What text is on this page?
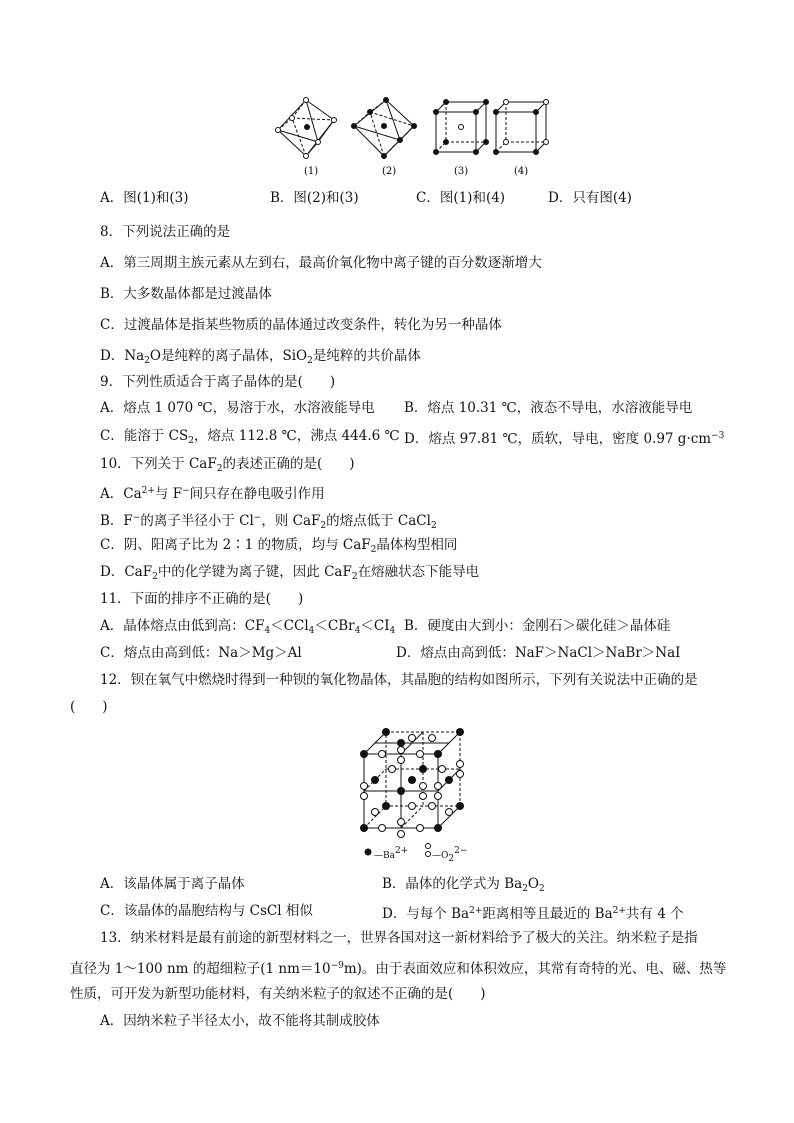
(1)	(2)	(3)	(4)
A．图(1)和(3)	B．图(2)和(3)	C．图(1)和(4)	D．只有图(4)
8．下列说法正确的是
A．第三周期主族元素从左到右，最高价氧化物中离子键的百分数逐渐增大
B．大多数晶体都是过渡晶体
C．过渡晶体是指某些物质的晶体通过改变条件，转化为另一种晶体
D．$Na_2O$是纯粹的离子晶体，SiO$_2$是纯粹的共价晶体
9．下列性质适合于离子晶体的是(　　)
A．熔点 1 070 ℃，易溶于水，水溶液能导电 B．熔点 10.31 ℃，液态不导电，水溶液能导电
C．能溶于 $CS_2$，熔点 112.8 ℃，沸点 444.6 ℃ D．熔点 97.81 ℃，质软，导电，密度 0.97 $g\cdot cm^{-3}$
10．下列关于 CaF$_2$的表述正确的是(　　)
A．$Ca^{2+}$与 F−间只存在静电吸引作用
B．F−的离子半径小于 Cl−，则 CaF$_2$的熔点低于 CaCl$_2$
C．阴、阳离子比为 2∶1 的物质，均与 CaF$_2$晶体构型相同
D．CaF$_2$中的化学键为离子键，因此 CaF$_2$在熔融状态下能导电
11．下面的排序不正确的是(　　)
A．晶体熔点由低到高：$CF_4<CCl_4<CBr_4<CI_4$ B．硬度由大到小：金刚石＞碳化硅＞晶体硅
C．熔点由高到低：Na＞Mg＞Al	D．熔点由高到低：NaF＞NaCl＞NaBr＞NaI
12．钡在氧气中燃烧时得到一种钡的氧化物晶体，其晶胞的结构如图所示，下列有关说法中正确的是
(　　)
—Ba2+	—O22−
A．该晶体属于离子晶体	B．晶体的化学式为 $Ba_2O_2$
C．该晶体的晶胞结构与 CsCl 相似	D．与每个 $Ba^{2+}$距离相等且最近的 $Ba^{2+}$共有 4 个
13．纳米材料是最有前途的新型材料之一，世界各国对这一新材料给予了极大的关注。纳米粒子是指
直径为 1～100 nm 的超细粒子(1 $nm=10^{-9}m$)。由于表面效应和体积效应，其常有奇特的光、电、磁、热等
性质，可开发为新型功能材料，有关纳米粒子的叙述不正确的是(　　)
A．因纳米粒子半径太小，故不能将其制成胶体
